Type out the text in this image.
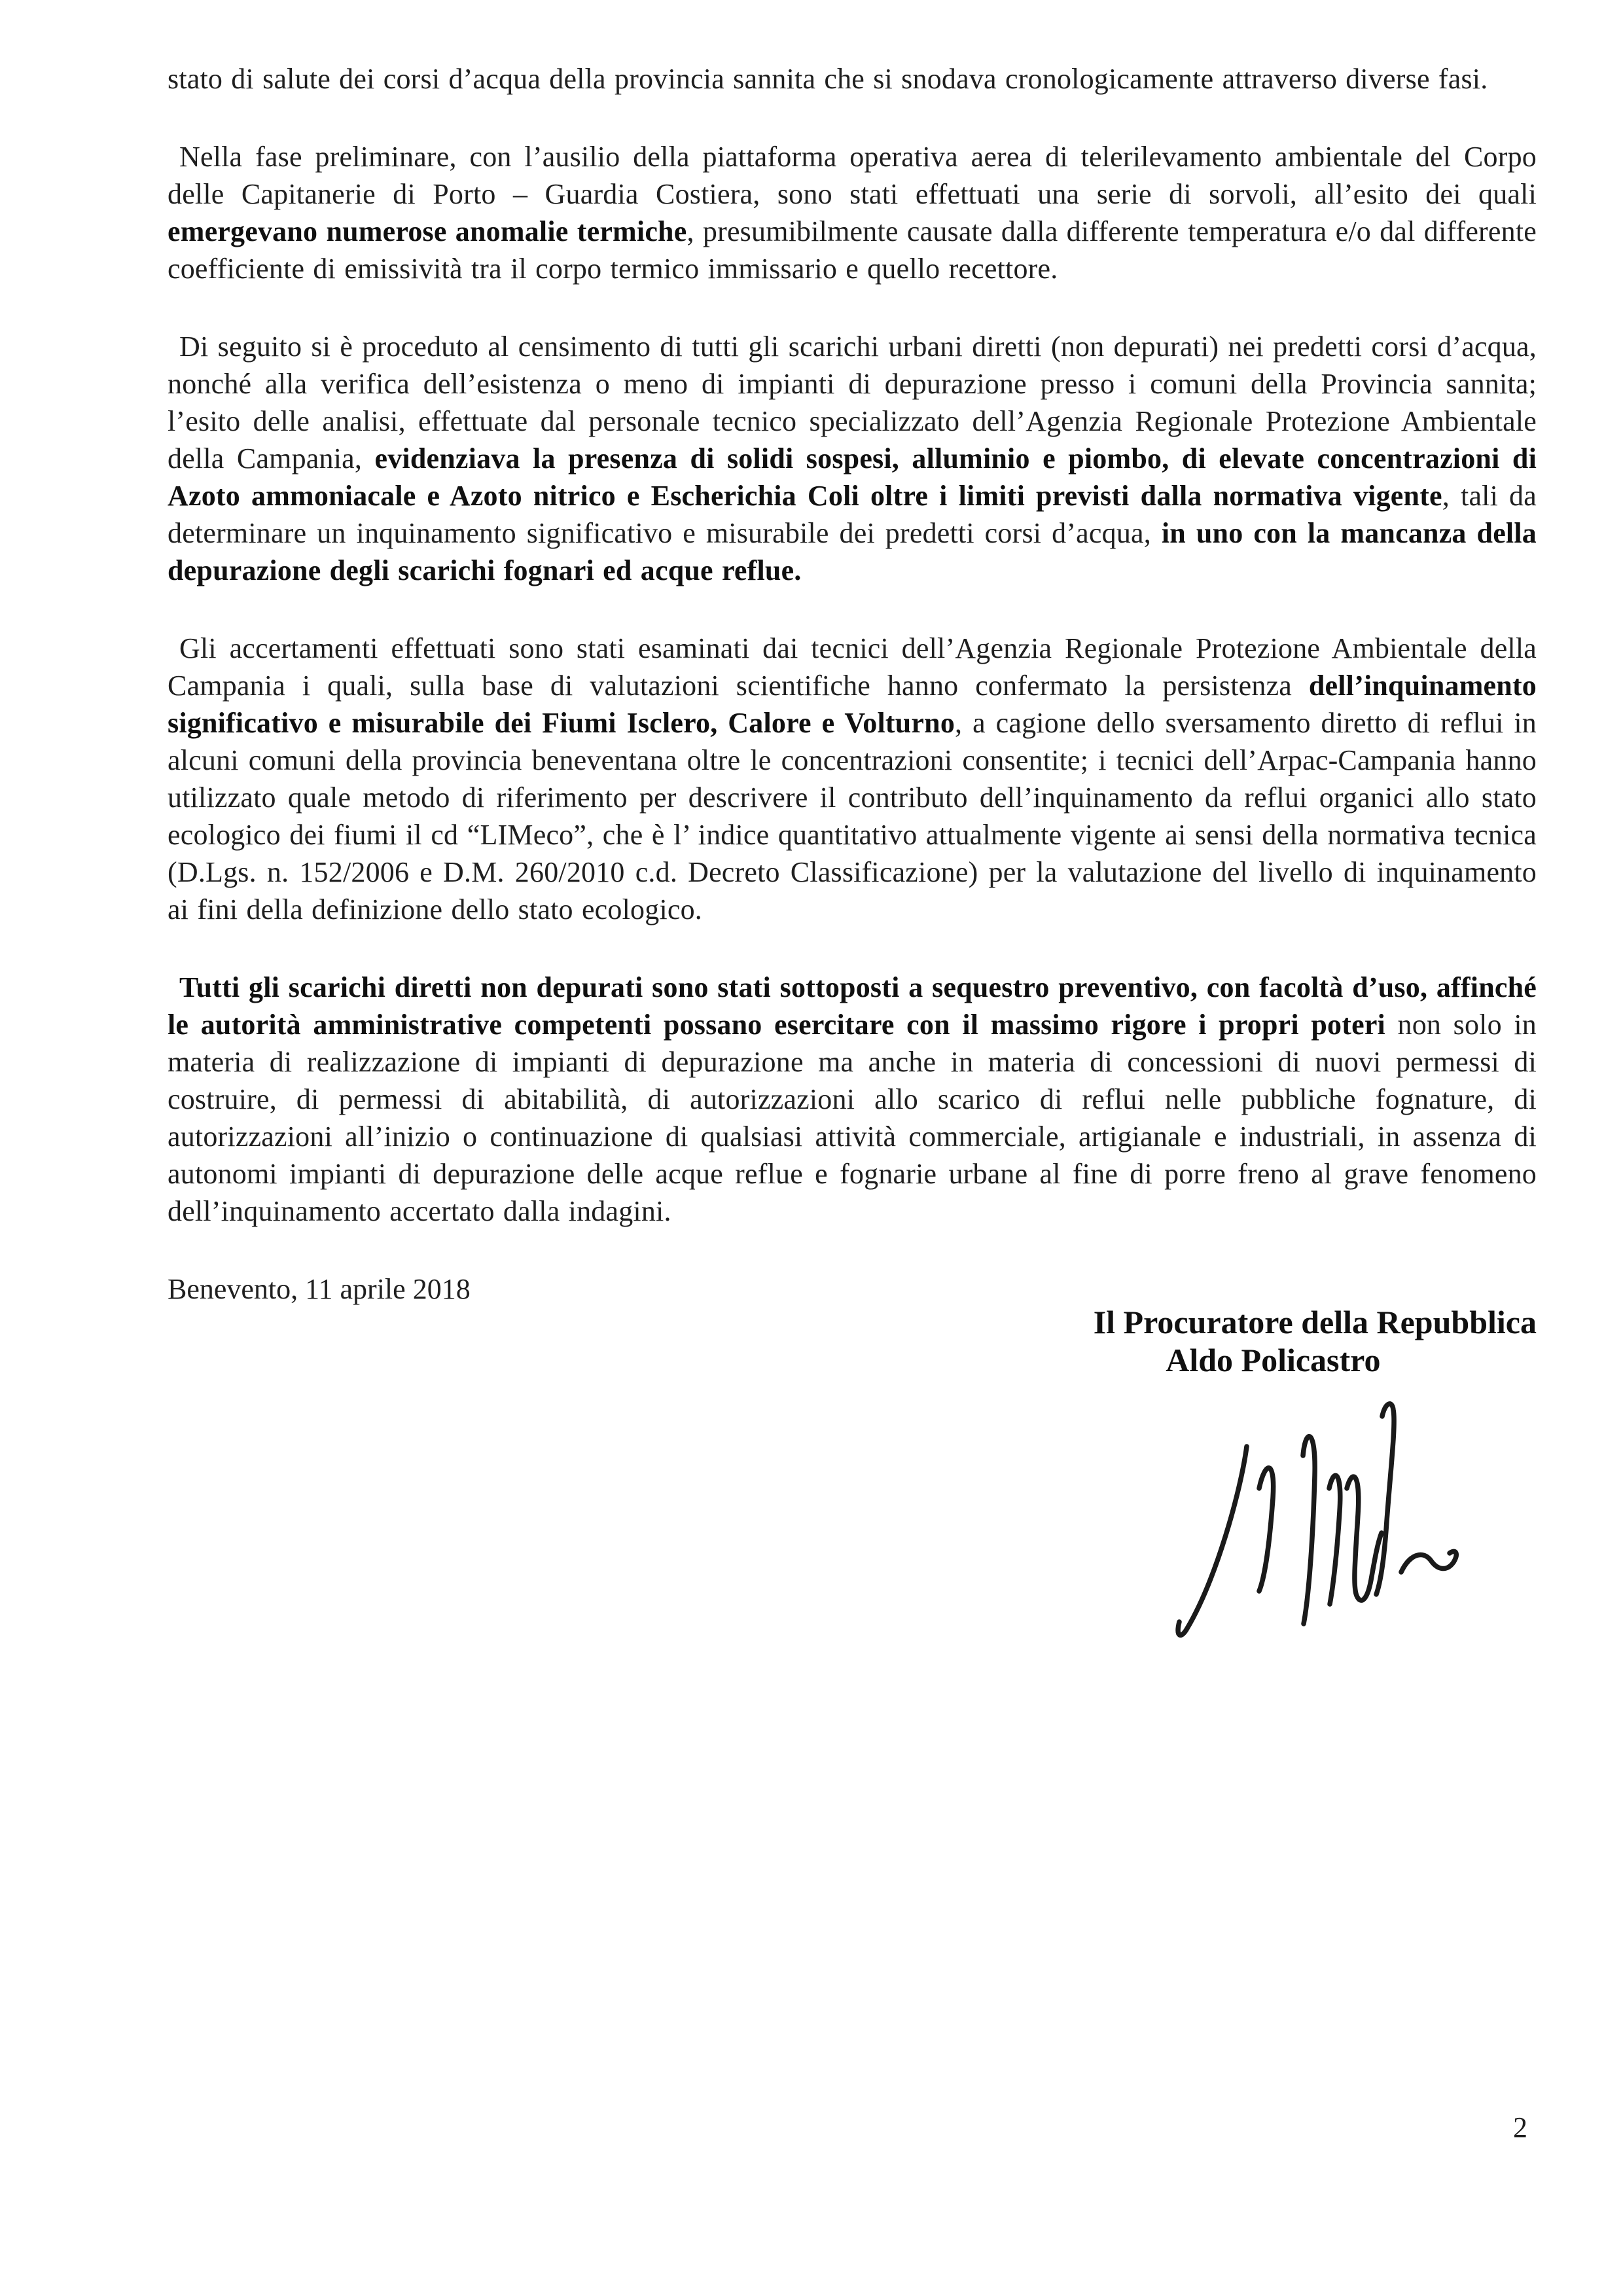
stato di salute dei corsi d’acqua della provincia sannita che si snodava cronologicamente attraverso diverse fasi.

Nella fase preliminare, con l’ausilio della piattaforma operativa aerea di telerilevamento ambientale del Corpo delle Capitanerie di Porto – Guardia Costiera, sono stati effettuati una serie di sorvoli, all’esito dei quali emergevano numerose anomalie termiche, presumibilmente causate dalla differente temperatura e/o dal differente coefficiente di emissività tra il corpo termico immissario e quello recettore.

Di seguito si è proceduto al censimento di tutti gli scarichi urbani diretti (non depurati) nei predetti corsi d’acqua, nonché alla verifica dell’esistenza o meno di impianti di depurazione presso i comuni della Provincia sannita; l’esito delle analisi, effettuate dal personale tecnico specializzato dell’Agenzia Regionale Protezione Ambientale della Campania, evidenziava la presenza di solidi sospesi, alluminio e piombo, di elevate concentrazioni di Azoto ammoniacale e Azoto nitrico e Escherichia Coli oltre i limiti previsti dalla normativa vigente, tali da determinare un inquinamento significativo e misurabile dei predetti corsi d’acqua, in uno con la mancanza della depurazione degli scarichi fognari ed acque reflue.

Gli accertamenti effettuati sono stati esaminati dai tecnici dell’Agenzia Regionale Protezione Ambientale della Campania i quali, sulla base di valutazioni scientifiche hanno confermato la persistenza dell’inquinamento significativo e misurabile dei Fiumi Isclero, Calore e Volturno, a cagione dello sversamento diretto di reflui in alcuni comuni della provincia beneventana oltre le concentrazioni consentite; i tecnici dell’Arpac-Campania hanno utilizzato quale metodo di riferimento per descrivere il contributo dell’inquinamento da reflui organici allo stato ecologico dei fiumi il cd “LIMeco”, che è l’ indice quantitativo attualmente vigente ai sensi della normativa tecnica (D.Lgs. n. 152/2006 e D.M. 260/2010 c.d. Decreto Classificazione) per la valutazione del livello di inquinamento ai fini della definizione dello stato ecologico.

Tutti gli scarichi diretti non depurati sono stati sottoposti a sequestro preventivo, con facoltà d’uso, affinché le autorità amministrative competenti possano esercitare con il massimo rigore i propri poteri non solo in materia di realizzazione di impianti di depurazione ma anche in materia di concessioni di nuovi permessi di costruire, di permessi di abitabilità, di autorizzazioni allo scarico di reflui nelle pubbliche fognature, di autorizzazioni all’inizio o continuazione di qualsiasi attività commerciale, artigianale e industriali, in assenza di autonomi impianti di depurazione delle acque reflue e fognarie urbane al fine di porre freno al grave fenomeno dell’inquinamento accertato dalla indagini.

Benevento, 11 aprile 2018
Il Procuratore della Repubblica
Aldo Policastro
2
